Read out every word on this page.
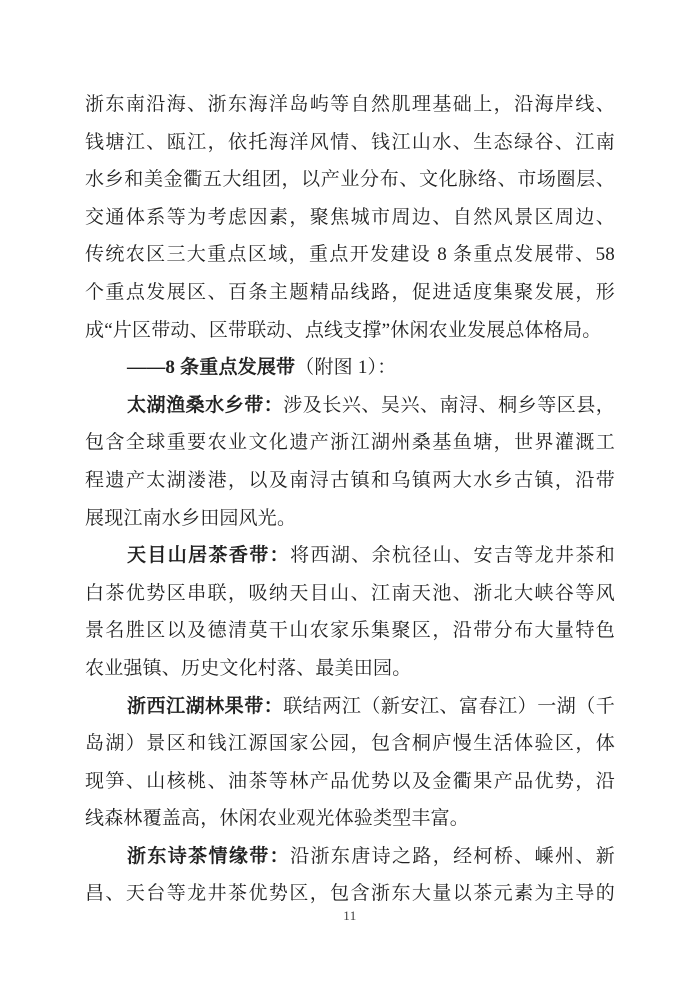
浙东南沿海、浙东海洋岛屿等自然肌理基础上，沿海岸线、
钱塘江、瓯江，依托海洋风情、钱江山水、生态绿谷、江南
水乡和美金衢五大组团，以产业分布、文化脉络、市场圈层、
交通体系等为考虑因素，聚焦城市周边、自然风景区周边、
传统农区三大重点区域，重点开发建设 8 条重点发展带、58
个重点发展区、百条主题精品线路，促进适度集聚发展，形
成“片区带动、区带联动、点线支撑”休闲农业发展总体格局。
——8 条重点发展带（附图 1）：
太湖渔桑水乡带：涉及长兴、吴兴、南浔、桐乡等区县，
包含全球重要农业文化遗产浙江湖州桑基鱼塘，世界灌溉工
程遗产太湖溇港，以及南浔古镇和乌镇两大水乡古镇，沿带
展现江南水乡田园风光。
天目山居茶香带：将西湖、余杭径山、安吉等龙井茶和
白茶优势区串联，吸纳天目山、江南天池、浙北大峡谷等风
景名胜区以及德清莫干山农家乐集聚区，沿带分布大量特色
农业强镇、历史文化村落、最美田园。
浙西江湖林果带：联结两江（新安江、富春江）一湖（千
岛湖）景区和钱江源国家公园，包含桐庐慢生活体验区，体
现笋、山核桃、油茶等林产品优势以及金衢果产品优势，沿
线森林覆盖高，休闲农业观光体验类型丰富。
浙东诗茶情缘带：沿浙东唐诗之路，经柯桥、嵊州、新
昌、天台等龙井茶优势区，包含浙东大量以茶元素为主导的
11
